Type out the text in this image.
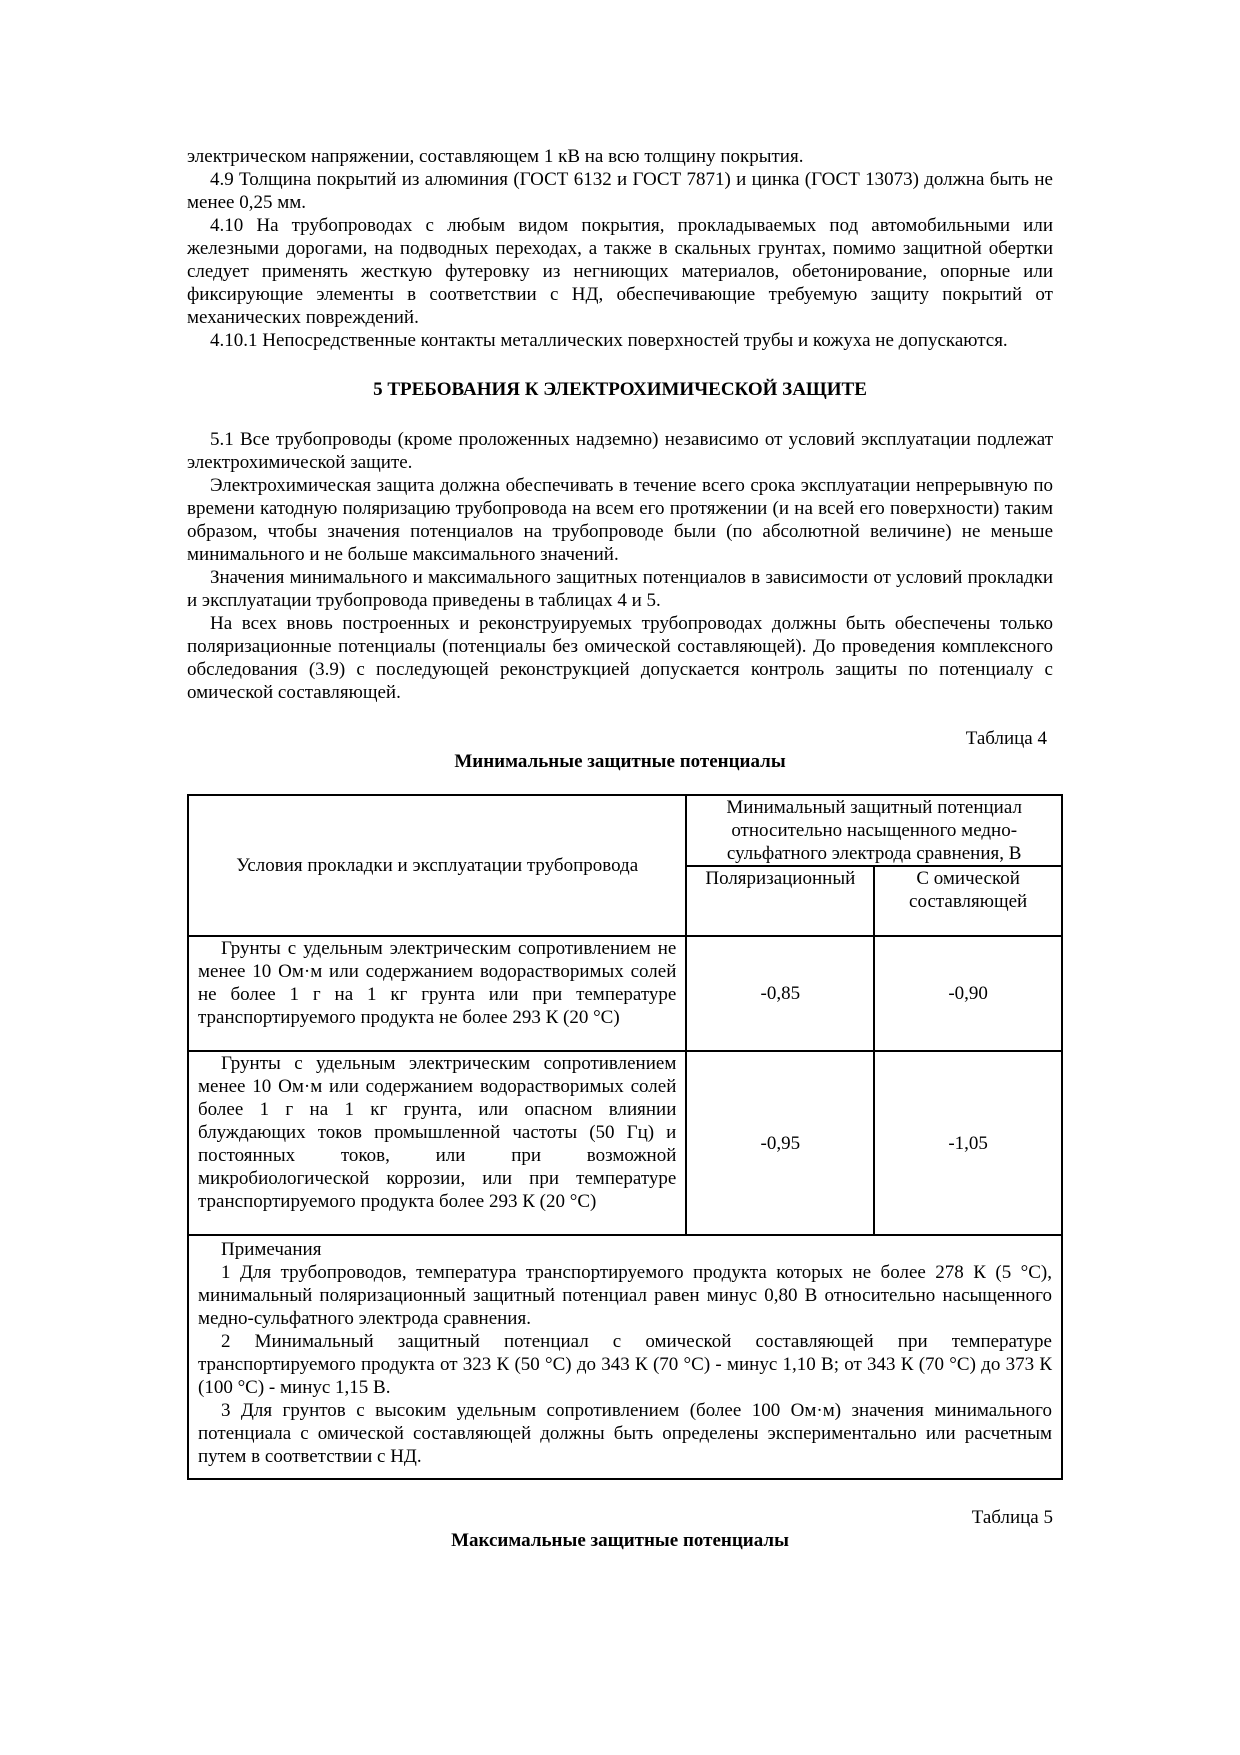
электрическом напряжении, составляющем 1 кВ на всю толщину покрытия.

4.9 Толщина покрытий из алюминия (ГОСТ 6132 и ГОСТ 7871) и цинка (ГОСТ 13073) должна быть не менее 0,25 мм.

4.10 На трубопроводах с любым видом покрытия, прокладываемых под автомобильными или железными дорогами, на подводных переходах, а также в скальных грунтах, помимо защитной обертки следует применять жесткую футеровку из негниющих материалов, обетонирование, опорные или фиксирующие элементы в соответствии с НД, обеспечивающие требуемую защиту покрытий от механических повреждений.

4.10.1 Непосредственные контакты металлических поверхностей трубы и кожуха не допускаются.

5 ТРЕБОВАНИЯ К ЭЛЕКТРОХИМИЧЕСКОЙ ЗАЩИТЕ

5.1 Все трубопроводы (кроме проложенных надземно) независимо от условий эксплуатации подлежат электрохимической защите.

Электрохимическая защита должна обеспечивать в течение всего срока эксплуатации непрерывную по времени катодную поляризацию трубопровода на всем его протяжении (и на всей его поверхности) таким образом, чтобы значения потенциалов на трубопроводе были (по абсолютной величине) не меньше минимального и не больше максимального значений.

Значения минимального и максимального защитных потенциалов в зависимости от условий прокладки и эксплуатации трубопровода приведены в таблицах 4 и 5.

На всех вновь построенных и реконструируемых трубопроводах должны быть обеспечены только поляризационные потенциалы (потенциалы без омической составляющей). До проведения комплексного обследования (3.9) с последующей реконструкцией допускается контроль защиты по потенциалу с омической составляющей.

Таблица 4
Минимальные защитные потенциалы
Условия прокладки и эксплуатации трубопровода	Минимальный защитный потенциал относительно насыщенного медно-сульфатного электрода сравнения, В	
	Поляризационный	С омической составляющей
Грунты с удельным электрическим сопротивлением не менее 10 Ом·м или содержанием водорастворимых солей не более 1 г на 1 кг грунта или при температуре транспортируемого продукта не более 293 К (20 °С)	-0,85	-0,90
Грунты с удельным электрическим сопротивлением менее 10 Ом·м или содержанием водорастворимых солей более 1 г на 1 кг грунта, или опасном влиянии блуждающих токов промышленной частоты (50 Гц) и постоянных токов, или при возможной микробиологической коррозии, или при температуре транспортируемого продукта более 293 К (20 °С)	-0,95	-1,05

Примечания

1 Для трубопроводов, температура транспортируемого продукта которых не более 278 К (5 °С), минимальный поляризационный защитный потенциал равен минус 0,80 В относительно насыщенного медно-сульфатного электрода сравнения.

2 Минимальный защитный потенциал с омической составляющей при температуре транспортируемого продукта от 323 К (50 °С) до 343 К (70 °С) - минус 1,10 В; от 343 К (70 °С) до 373 К (100 °С) - минус 1,15 В.

3 Для грунтов с высоким удельным сопротивлением (более 100 Ом·м) значения минимального потенциала с омической составляющей должны быть определены экспериментально или расчетным путем в соответствии с НД.		

Таблица 5
Максимальные защитные потенциалы
